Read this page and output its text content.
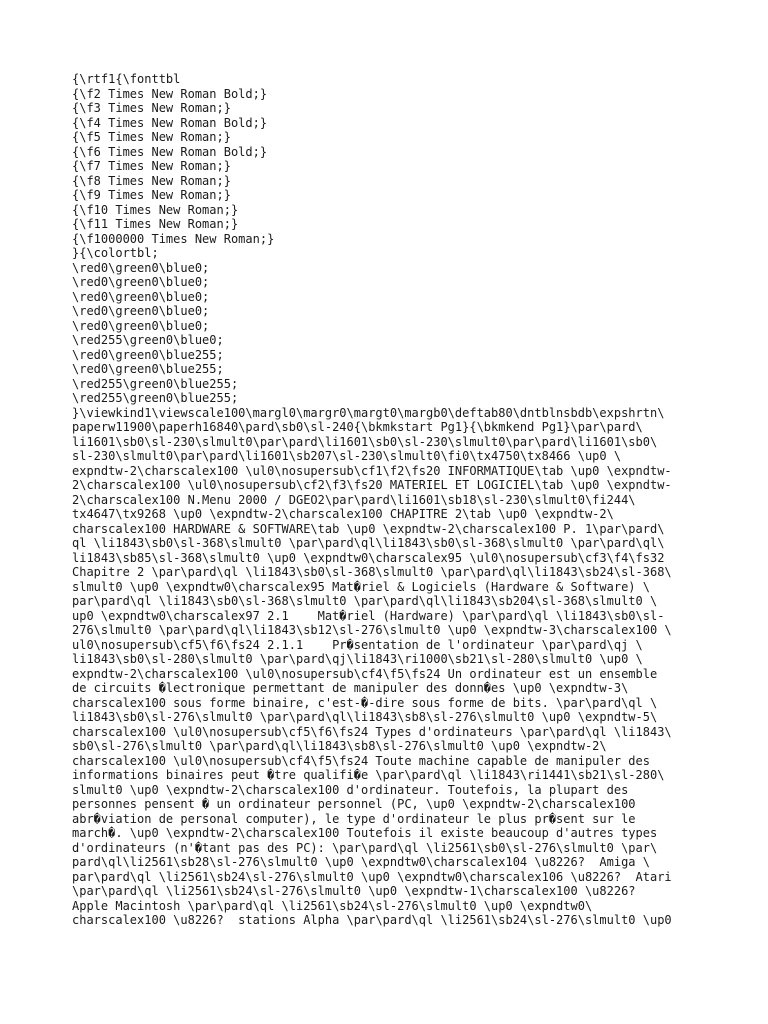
{\rtf1{\fonttbl
{\f2 Times New Roman Bold;}
{\f3 Times New Roman;}
{\f4 Times New Roman Bold;}
{\f5 Times New Roman;}
{\f6 Times New Roman Bold;}
{\f7 Times New Roman;}
{\f8 Times New Roman;}
{\f9 Times New Roman;}
{\f10 Times New Roman;}
{\f11 Times New Roman;}
{\f1000000 Times New Roman;}
}{\colortbl;
\red0\green0\blue0;
\red0\green0\blue0;
\red0\green0\blue0;
\red0\green0\blue0;
\red0\green0\blue0;
\red255\green0\blue0;
\red0\green0\blue255;
\red0\green0\blue255;
\red255\green0\blue255;
\red255\green0\blue255;
}\viewkind1\viewscale100\margl0\margr0\margt0\margb0\deftab80\dntblnsbdb\expshrtn\
paperw11900\paperh16840\pard\sb0\sl-240{\bkmkstart Pg1}{\bkmkend Pg1}\par\pard\
li1601\sb0\sl-230\slmult0\par\pard\li1601\sb0\sl-230\slmult0\par\pard\li1601\sb0\
sl-230\slmult0\par\pard\li1601\sb207\sl-230\slmult0\fi0\tx4750\tx8466 \up0 \
expndtw-2\charscalex100 \ul0\nosupersub\cf1\f2\fs20 INFORMATIQUE\tab \up0 \expndtw-
2\charscalex100 \ul0\nosupersub\cf2\f3\fs20 MATERIEL ET LOGICIEL\tab \up0 \expndtw-
2\charscalex100 N.Menu 2000 / DGEO2\par\pard\li1601\sb18\sl-230\slmult0\fi244\
tx4647\tx9268 \up0 \expndtw-2\charscalex100 CHAPITRE 2\tab \up0 \expndtw-2\
charscalex100 HARDWARE & SOFTWARE\tab \up0 \expndtw-2\charscalex100 P. 1\par\pard\
ql \li1843\sb0\sl-368\slmult0 \par\pard\ql\li1843\sb0\sl-368\slmult0 \par\pard\ql\
li1843\sb85\sl-368\slmult0 \up0 \expndtw0\charscalex95 \ul0\nosupersub\cf3\f4\fs32
Chapitre 2 \par\pard\ql \li1843\sb0\sl-368\slmult0 \par\pard\ql\li1843\sb24\sl-368\
slmult0 \up0 \expndtw0\charscalex95 Mat�riel & Logiciels (Hardware & Software) \
par\pard\ql \li1843\sb0\sl-368\slmult0 \par\pard\ql\li1843\sb204\sl-368\slmult0 \
up0 \expndtw0\charscalex97 2.1    Mat�riel (Hardware) \par\pard\ql \li1843\sb0\sl-
276\slmult0 \par\pard\ql\li1843\sb12\sl-276\slmult0 \up0 \expndtw-3\charscalex100 \
ul0\nosupersub\cf5\f6\fs24 2.1.1    Pr�sentation de l'ordinateur \par\pard\qj \
li1843\sb0\sl-280\slmult0 \par\pard\qj\li1843\ri1000\sb21\sl-280\slmult0 \up0 \
expndtw-2\charscalex100 \ul0\nosupersub\cf4\f5\fs24 Un ordinateur est un ensemble
de circuits �lectronique permettant de manipuler des donn�es \up0 \expndtw-3\
charscalex100 sous forme binaire, c'est-�-dire sous forme de bits. \par\pard\ql \
li1843\sb0\sl-276\slmult0 \par\pard\ql\li1843\sb8\sl-276\slmult0 \up0 \expndtw-5\
charscalex100 \ul0\nosupersub\cf5\f6\fs24 Types d'ordinateurs \par\pard\ql \li1843\
sb0\sl-276\slmult0 \par\pard\ql\li1843\sb8\sl-276\slmult0 \up0 \expndtw-2\
charscalex100 \ul0\nosupersub\cf4\f5\fs24 Toute machine capable de manipuler des
informations binaires peut �tre qualifi�e \par\pard\ql \li1843\ri1441\sb21\sl-280\
slmult0 \up0 \expndtw-2\charscalex100 d'ordinateur. Toutefois, la plupart des
personnes pensent � un ordinateur personnel (PC, \up0 \expndtw-2\charscalex100
abr�viation de personal computer), le type d'ordinateur le plus pr�sent sur le
march�. \up0 \expndtw-2\charscalex100 Toutefois il existe beaucoup d'autres types
d'ordinateurs (n'�tant pas des PC): \par\pard\ql \li2561\sb0\sl-276\slmult0 \par\
pard\ql\li2561\sb28\sl-276\slmult0 \up0 \expndtw0\charscalex104 \u8226?  Amiga \
par\pard\ql \li2561\sb24\sl-276\slmult0 \up0 \expndtw0\charscalex106 \u8226?  Atari
\par\pard\ql \li2561\sb24\sl-276\slmult0 \up0 \expndtw-1\charscalex100 \u8226?
Apple Macintosh \par\pard\ql \li2561\sb24\sl-276\slmult0 \up0 \expndtw0\
charscalex100 \u8226?  stations Alpha \par\pard\ql \li2561\sb24\sl-276\slmult0 \up0
